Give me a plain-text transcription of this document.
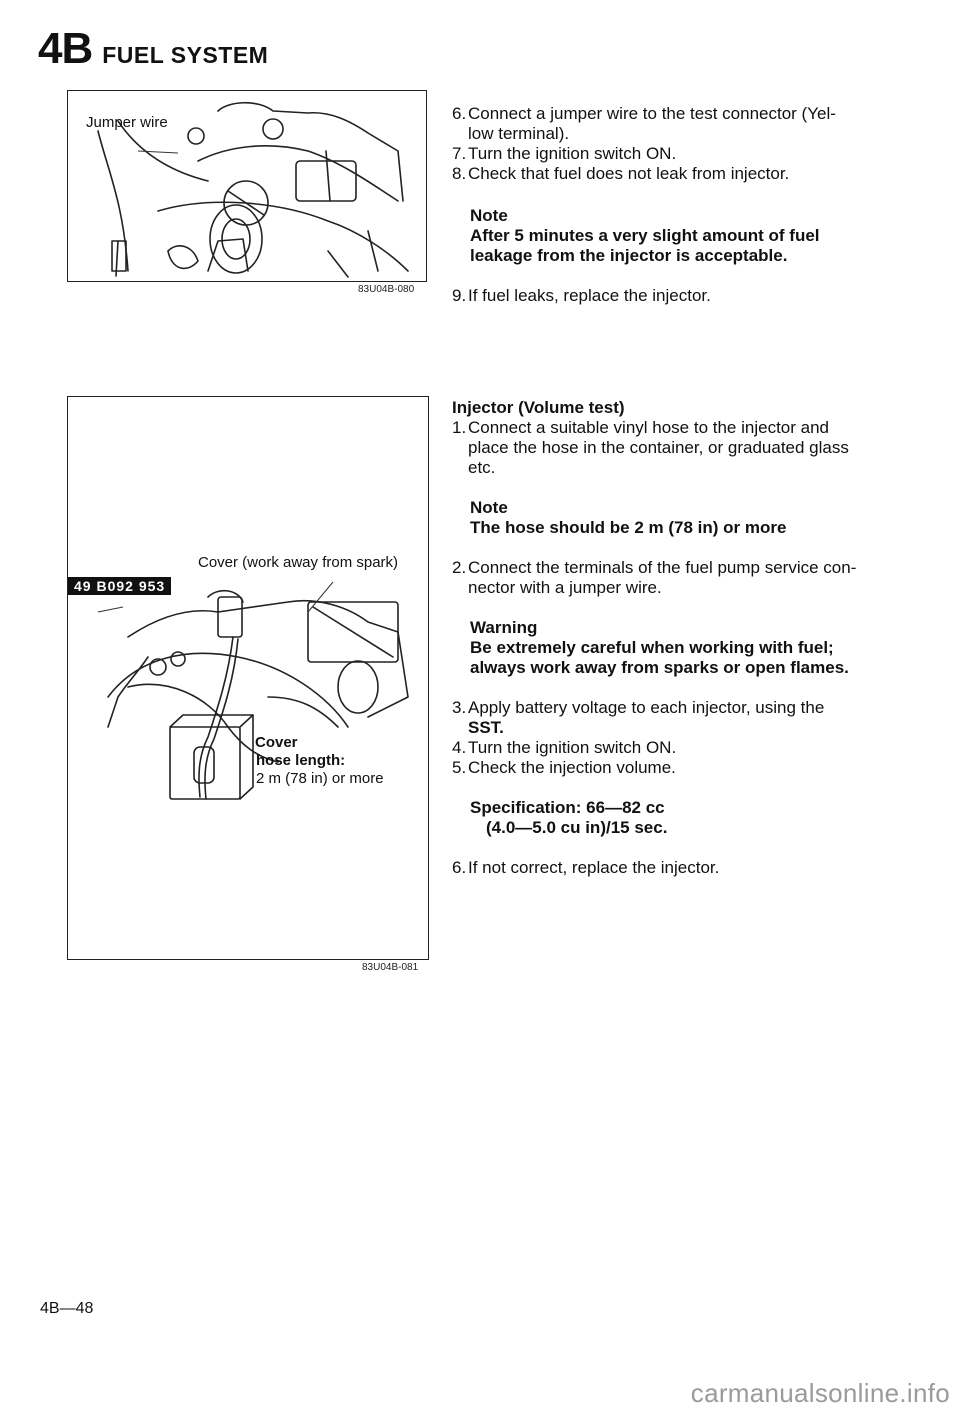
4B FUEL SYSTEM
Jumper wire
83U04B-080
Cover (work away from spark)
49 B092 953
Cover
hose length:
2 m (78 in) or more
83U04B-081
6. Connect a jumper wire to the test connector (Yel-
low terminal).
7. Turn the ignition switch ON.
8. Check that fuel does not leak from injector.
Note
After 5 minutes a very slight amount of fuel
leakage from the injector is acceptable.
9. If fuel leaks, replace the injector.
Injector (Volume test)
1. Connect a suitable vinyl hose to the injector and
place the hose in the container, or graduated glass
etc.
Note
The hose should be 2 m (78 in) or more
2. Connect the terminals of the fuel pump service con-
nector with a jumper wire.
Warning
Be extremely careful when working with fuel;
always work away from sparks or open flames.
3. Apply battery voltage to each injector, using the
SST.
4. Turn the ignition switch ON.
5. Check the injection volume.
Specification: 66—82 cc
(4.0—5.0 cu in)/15 sec.
6. If not correct, replace the injector.
4B—48
carmanualsonline.info
